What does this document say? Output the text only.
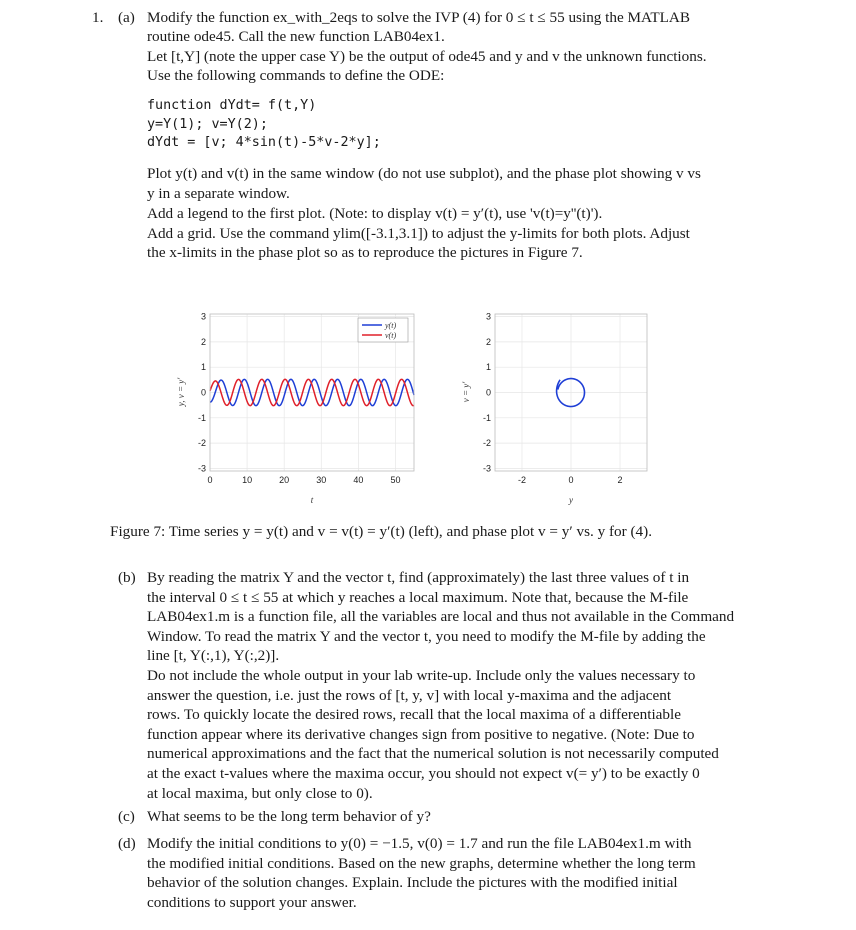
1. (a) Modify the function ex_with_2eqs to solve the IVP (4) for 0 ≤ t ≤ 55 using the MATLAB
routine ode45. Call the new function LAB04ex1.
Let [t,Y] (note the upper case Y) be the output of ode45 and y and v the unknown functions.
Use the following commands to define the ODE:
function dYdt= f(t,Y)
y=Y(1); v=Y(2);
dYdt = [v; 4*sin(t)-5*v-2*y];
Plot y(t) and v(t) in the same window (do not use subplot), and the phase plot showing v vs
y in a separate window.
Add a legend to the first plot. (Note: to display v(t) = y′(t), use 'v(t)=y''(t)').
Add a grid. Use the command ylim([-3.1,3.1]) to adjust the y-limits for both plots. Adjust
the x-limits in the phase plot so as to reproduce the pictures in Figure 7.
0	10	20	30	40	50
-3
-2
-1
0
1
2
3
y(t)
v(t)
t
y, v = y′
-2	0	2
-3
-2
-1
0
1
2
3
y
v = y′
Figure 7: Time series y = y(t) and v = v(t) = y′(t) (left), and phase plot v = y′ vs. y for (4).
(b) By reading the matrix Y and the vector t, find (approximately) the last three values of t in
the interval 0 ≤ t ≤ 55 at which y reaches a local maximum. Note that, because the M-file
LAB04ex1.m is a function file, all the variables are local and thus not available in the Command
Window. To read the matrix Y and the vector t, you need to modify the M-file by adding the
line [t, Y(:,1), Y(:,2)].
Do not include the whole output in your lab write-up. Include only the values necessary to
answer the question, i.e. just the rows of [t, y, v] with local y-maxima and the adjacent
rows. To quickly locate the desired rows, recall that the local maxima of a differentiable
function appear where its derivative changes sign from positive to negative. (Note: Due to
numerical approximations and the fact that the numerical solution is not necessarily computed
at the exact t-values where the maxima occur, you should not expect v(= y′) to be exactly 0
at local maxima, but only close to 0).
(c) What seems to be the long term behavior of y?
(d) Modify the initial conditions to y(0) = −1.5, v(0) = 1.7 and run the file LAB04ex1.m with
the modified initial conditions. Based on the new graphs, determine whether the long term
behavior of the solution changes. Explain. Include the pictures with the modified initial
conditions to support your answer.
